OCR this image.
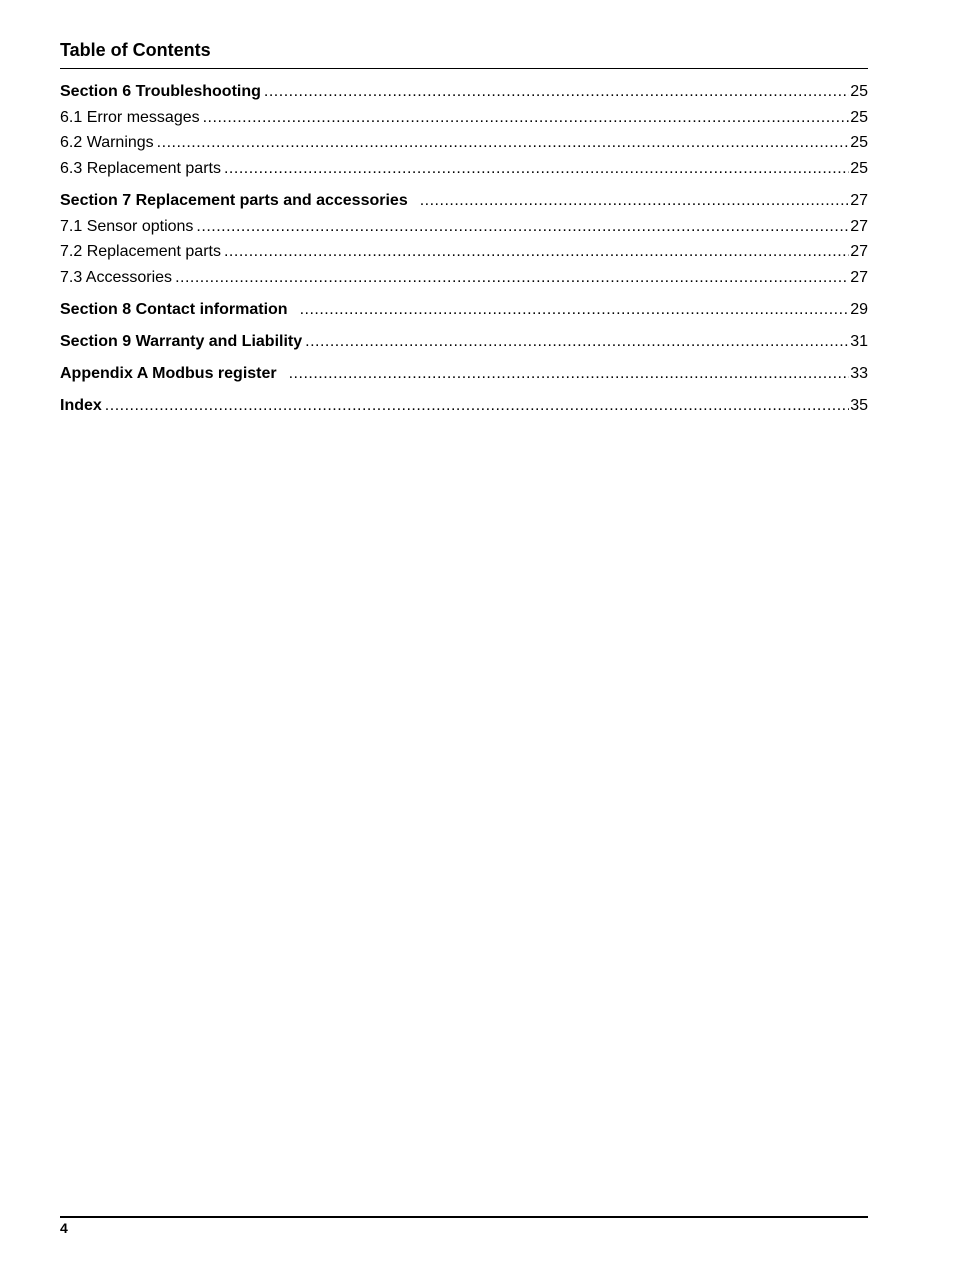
Table of Contents
Section 6 Troubleshooting .....	25
6.1 Error messages .....	25
6.2 Warnings .....	25
6.3 Replacement parts .....	25
Section 7 Replacement parts and accessories .....	27
7.1 Sensor options .....	27
7.2 Replacement parts .....	27
7.3 Accessories .....	27
Section 8 Contact information .....	29
Section 9 Warranty and Liability .....	31
Appendix A Modbus register .....	33
Index .....	35
4
